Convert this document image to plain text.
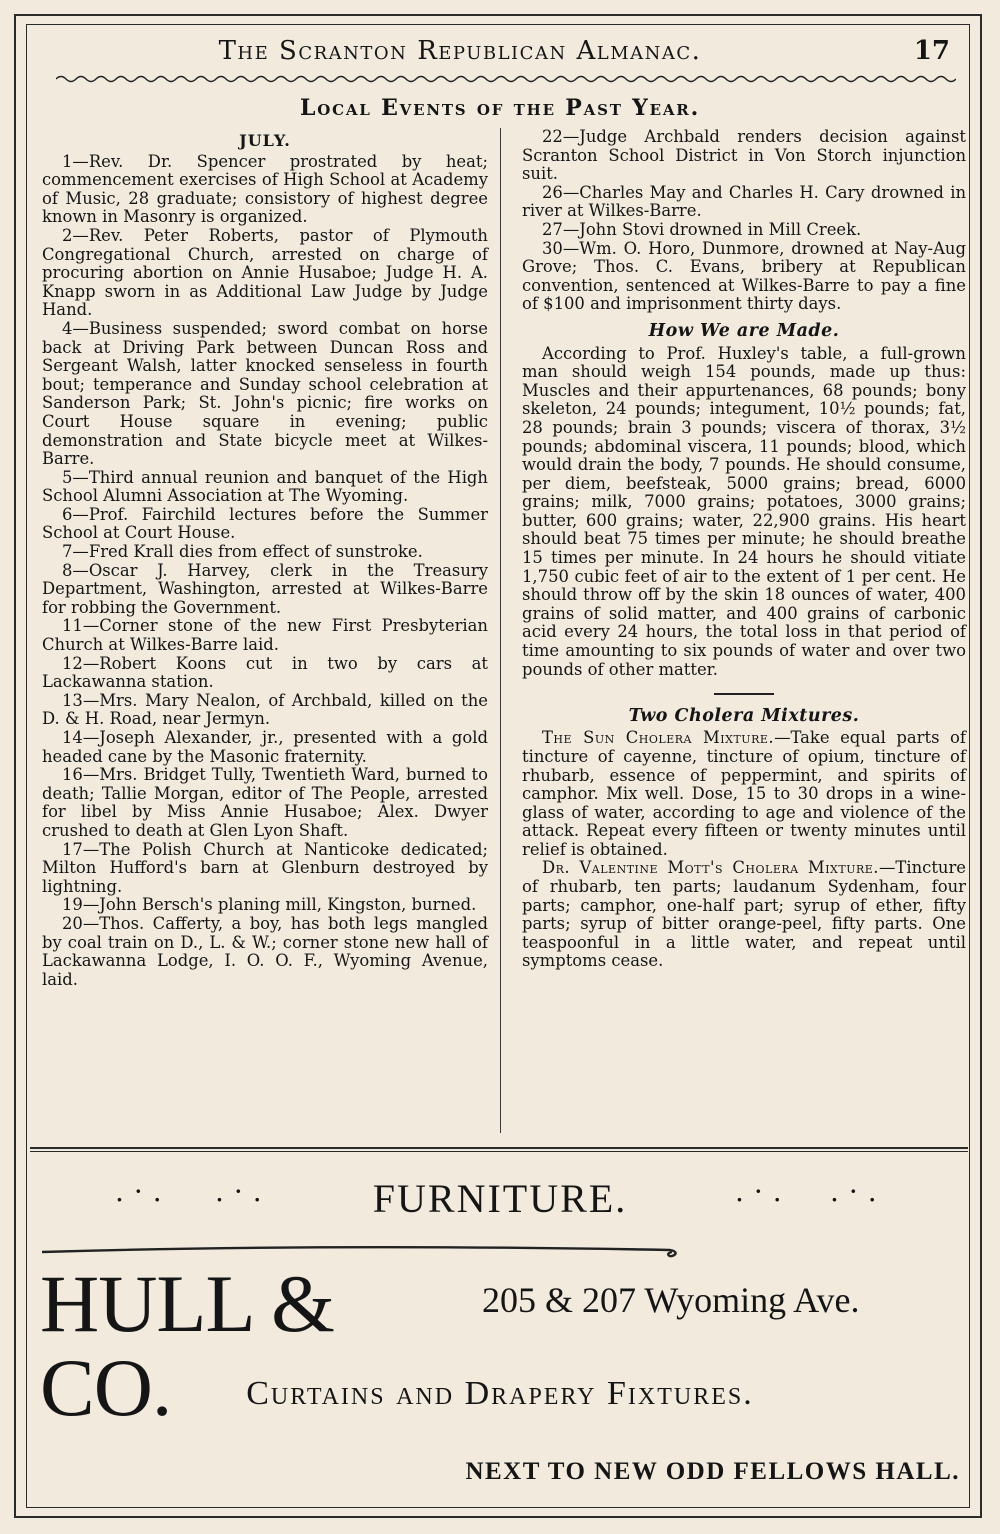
The Scranton Republican Almanac.	17
Local Events of the Past Year.
JULY.

1—Rev. Dr. Spencer prostrated by heat; commencement exercises of High School at Academy of Music, 28 graduate; consistory of highest degree known in Masonry is organized.

2—Rev. Peter Roberts, pastor of Plymouth Congregational Church, arrested on charge of procuring abortion on Annie Husaboe; Judge H. A. Knapp sworn in as Additional Law Judge by Judge Hand.

4—Business suspended; sword combat on horse back at Driving Park between Duncan Ross and Sergeant Walsh, latter knocked senseless in fourth bout; temperance and Sunday school celebration at Sanderson Park; St. John's picnic; fire works on Court House square in evening; public demonstration and State bicycle meet at Wilkes-Barre.

5—Third annual reunion and banquet of the High School Alumni Association at The Wyoming.

6—Prof. Fairchild lectures before the Summer School at Court House.

7—Fred Krall dies from effect of sunstroke.

8—Oscar J. Harvey, clerk in the Treasury Department, Washington, arrested at Wilkes-Barre for robbing the Government.

11—Corner stone of the new First Presbyterian Church at Wilkes-Barre laid.

12—Robert Koons cut in two by cars at Lackawanna station.

13—Mrs. Mary Nealon, of Archbald, killed on the D. & H. Road, near Jermyn.

14—Joseph Alexander, jr., presented with a gold headed cane by the Masonic fraternity.

16—Mrs. Bridget Tully, Twentieth Ward, burned to death; Tallie Morgan, editor of The People, arrested for libel by Miss Annie Husaboe; Alex. Dwyer crushed to death at Glen Lyon Shaft.

17—The Polish Church at Nanticoke dedicated; Milton Hufford's barn at Glenburn destroyed by lightning.

19—John Bersch's planing mill, Kingston, burned.

20—Thos. Cafferty, a boy, has both legs mangled by coal train on D., L. & W.; corner stone new hall of Lackawanna Lodge, I. O. O. F., Wyoming Avenue, laid.

22—Judge Archbald renders decision against Scranton School District in Von Storch injunction suit.

26—Charles May and Charles H. Cary drowned in river at Wilkes-Barre.

27—John Stovi drowned in Mill Creek.

30—Wm. O. Horo, Dunmore, drowned at Nay-Aug Grove; Thos. C. Evans, bribery at Republican convention, sentenced at Wilkes-Barre to pay a fine of $100 and imprisonment thirty days.

How We are Made.

According to Prof. Huxley's table, a full-grown man should weigh 154 pounds, made up thus: Muscles and their appurtenances, 68 pounds; bony skeleton, 24 pounds; integument, 10½ pounds; fat, 28 pounds; brain 3 pounds; viscera of thorax, 3½ pounds; abdominal viscera, 11 pounds; blood, which would drain the body, 7 pounds. He should consume, per diem, beefsteak, 5000 grains; bread, 6000 grains; milk, 7000 grains; potatoes, 3000 grains; butter, 600 grains; water, 22,900 grains. His heart should beat 75 times per minute; he should breathe 15 times per minute. In 24 hours he should vitiate 1,750 cubic feet of air to the extent of 1 per cent. He should throw off by the skin 18 ounces of water, 400 grains of solid matter, and 400 grains of carbonic acid every 24 hours, the total loss in that period of time amounting to six pounds of water and over two pounds of other matter.

Two Cholera Mixtures.

The Sun Cholera Mixture.—Take equal parts of tincture of cayenne, tincture of opium, tincture of rhubarb, essence of peppermint, and spirits of camphor. Mix well. Dose, 15 to 30 drops in a wine-glass of water, according to age and violence of the attack. Repeat every fifteen or twenty minutes until relief is obtained.

Dr. Valentine Mott's Cholera Mixture.—Tincture of rhubarb, ten parts; laudanum Sydenham, four parts; camphor, one-half part; syrup of ether, fifty parts; syrup of bitter orange-peel, fifty parts. One teaspoonful in a little water, and repeat until symptoms cease.

.·. .·.	FURNITURE.	.·. .·.
HULL & CO.
205 & 207 Wyoming Ave.
Curtains and Drapery Fixtures.
NEXT TO NEW ODD FELLOWS HALL.
